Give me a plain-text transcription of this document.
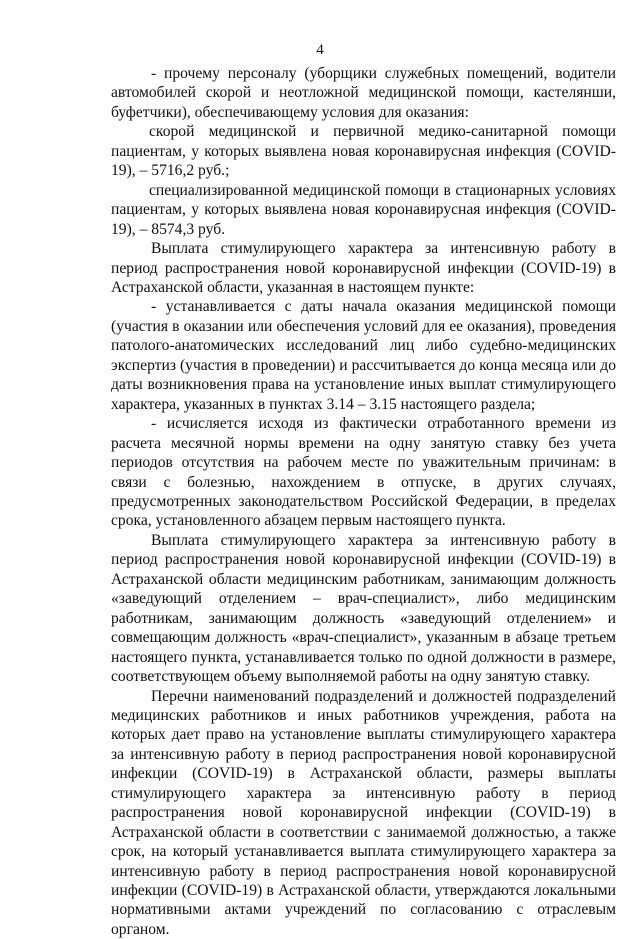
4

- прочему персоналу (уборщики служебных помещений, водители автомобилей скорой и неотложной медицинской помощи, кастелянши, буфетчики), обеспечивающему условия для оказания:

скорой медицинской и первичной медико-санитарной помощи пациентам, у которых выявлена новая коронавирусная инфекция (COVID-19), – 5716,2 руб.;

специализированной медицинской помощи в стационарных условиях пациентам, у которых выявлена новая коронавирусная инфекция (COVID-19), – 8574,3 руб.

Выплата стимулирующего характера за интенсивную работу в период распространения новой коронавирусной инфекции (COVID-19) в Астраханской области, указанная в настоящем пункте:

- устанавливается с даты начала оказания медицинской помощи (участия в оказании или обеспечения условий для ее оказания), проведения патолого-анатомических исследований лиц либо судебно-медицинских экспертиз (участия в проведении) и рассчитывается до конца месяца или до даты возникновения права на установление иных выплат стимулирующего характера, указанных в пунктах 3.14 – 3.15 настоящего раздела;

- исчисляется исходя из фактически отработанного времени из расчета месячной нормы времени на одну занятую ставку без учета периодов отсутствия на рабочем месте по уважительным причинам: в связи с болезнью, нахождением в отпуске, в других случаях, предусмотренных законодательством Российской Федерации, в пределах срока, установленного абзацем первым настоящего пункта.

Выплата стимулирующего характера за интенсивную работу в период распространения новой коронавирусной инфекции (COVID-19) в Астраханской области медицинским работникам, занимающим должность «заведующий отделением – врач-специалист», либо медицинским работникам, занимающим должность «заведующий отделением» и совмещающим должность «врач-специалист», указанным в абзаце третьем настоящего пункта, устанавливается только по одной должности в размере, соответствующем объему выполняемой работы на одну занятую ставку.

Перечни наименований подразделений и должностей подразделений медицинских работников и иных работников учреждения, работа на которых дает право на установление выплаты стимулирующего характера за интенсивную работу в период распространения новой коронавирусной инфекции (COVID-19) в Астраханской области, размеры выплаты стимулирующего характера за интенсивную работу в период распространения новой коронавирусной инфекции (COVID-19) в Астраханской области в соответствии с занимаемой должностью, а также срок, на который устанавливается выплата стимулирующего характера за интенсивную работу в период распространения новой коронавирусной инфекции (COVID-19) в Астраханской области, утверждаются локальными нормативными актами учреждений по согласованию с отраслевым органом.
